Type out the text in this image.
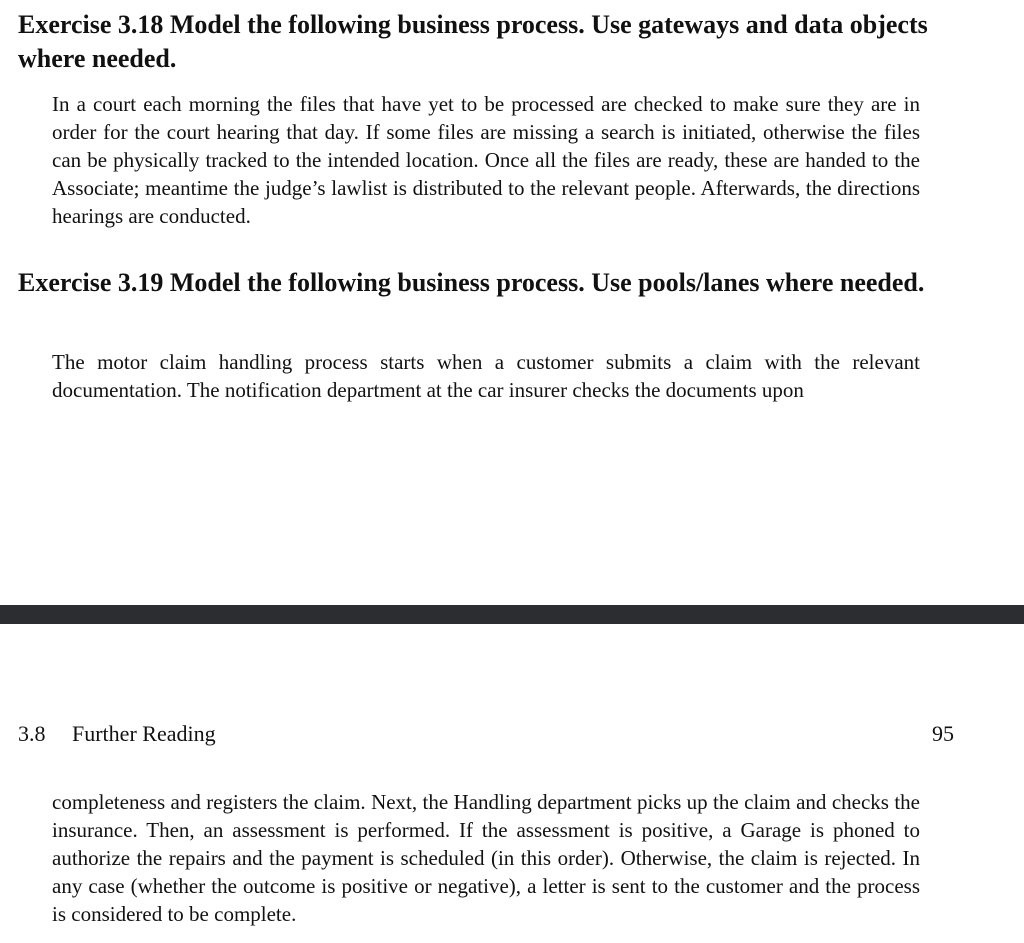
Exercise 3.18 Model the following business process. Use gateways and data objects where needed.

In a court each morning the files that have yet to be processed are checked to make sure they are in order for the court hearing that day. If some files are missing a search is initiated, otherwise the files can be physically tracked to the intended location. Once all the files are ready, these are handed to the Associate; meantime the judge’s lawlist is distributed to the relevant people. Afterwards, the directions hearings are conducted.

Exercise 3.19 Model the following business process. Use pools/lanes where needed.

The motor claim handling process starts when a customer submits a claim with the relevant documentation. The notification department at the car insurer checks the documents upon

3.8 Further Reading	95

completeness and registers the claim. Next, the Handling department picks up the claim and checks the insurance. Then, an assessment is performed. If the assessment is positive, a Garage is phoned to authorize the repairs and the payment is scheduled (in this order). Otherwise, the claim is rejected. In any case (whether the outcome is positive or negative), a letter is sent to the customer and the process is considered to be complete.
